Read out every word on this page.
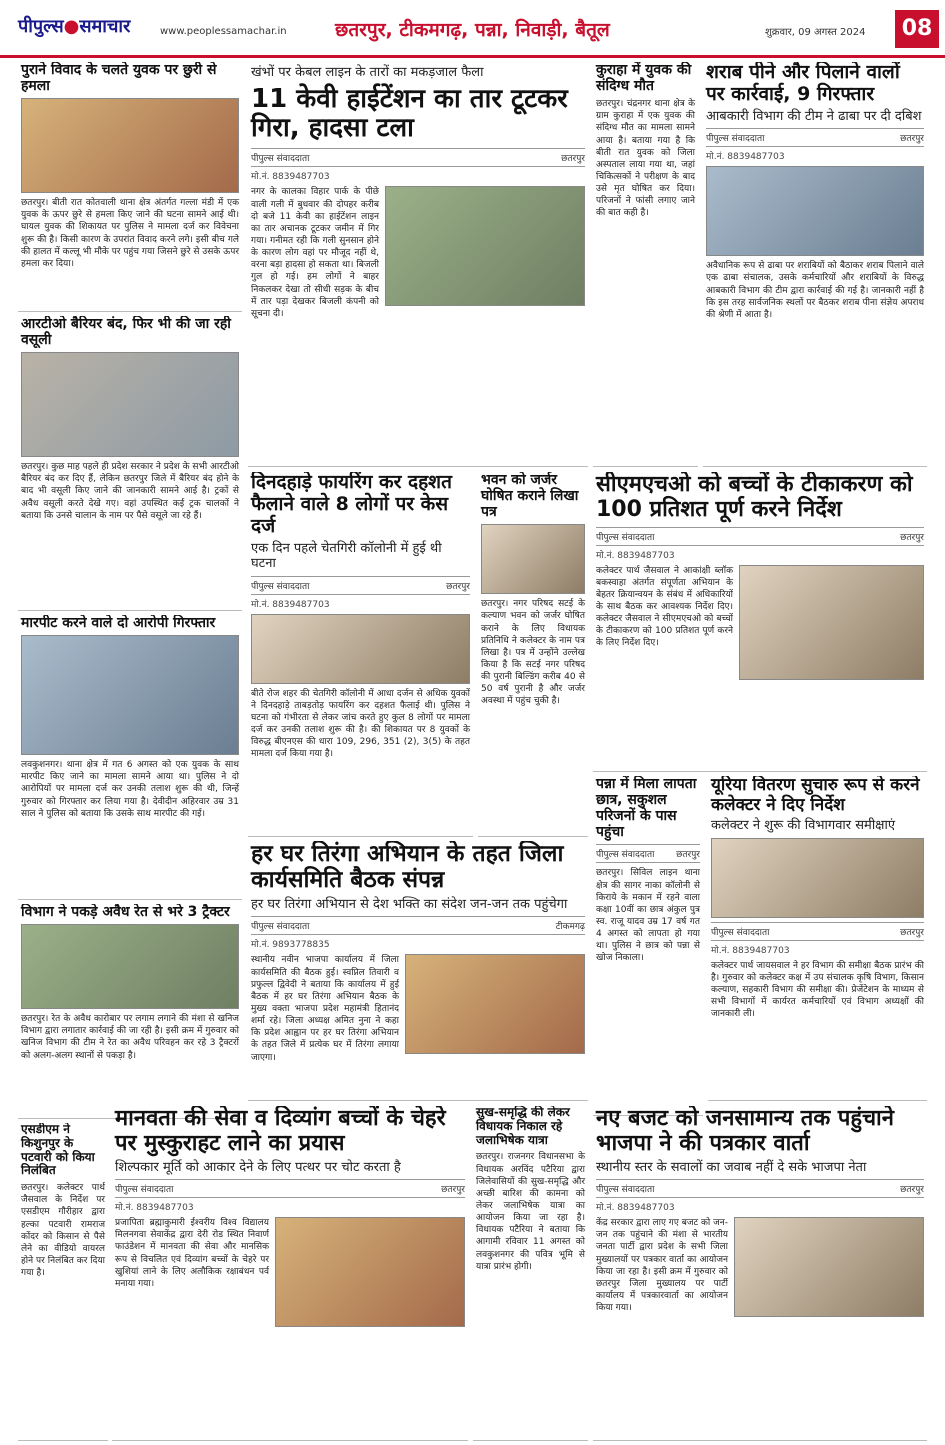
पीपुल्स●समाचार	www.peoplessamachar.in	छतरपुर, टीकमगढ़, पन्ना, निवाड़ी, बैतूल	शुक्रवार, 09 अगस्त 2024	08
पुराने विवाद के चलते युवक पर छुरी से हमला
छतरपुर। बीती रात कोतवाली थाना क्षेत्र अंतर्गत गल्ला मंडी में एक युवक के ऊपर छुरे से हमला किए जाने की घटना सामने आई थी। घायल युवक की शिकायत पर पुलिस ने मामला दर्ज कर विवेचना शुरू की है। किसी कारण के उपरांत विवाद करने लगे। इसी बीच गले की हालत में कल्लू भी मौके पर पहुंच गया जिसने छुरे से उसके ऊपर हमला कर दिया।
खंभों पर केबल लाइन के तारों का मकड़जाल फैला
11 केवी हाईटेंशन का तार टूटकर गिरा, हादसा टला
पीपुल्स संवाददाता	छतरपुर
मो.नं. 8839487703
नगर के कालका विहार पार्क के पीछे वाली गली में बुधवार की दोपहर करीब दो बजे 11 केवी का हाईटेंशन लाइन का तार अचानक टूटकर जमीन में गिर गया। गनीमत रही कि गली सुनसान होने के कारण लोग वहां पर मौजूद नहीं थे, वरना बड़ा हादसा हो सकता था। बिजली गुल हो गई। हम लोगों ने बाहर निकलकर देखा तो सीधी सड़क के बीच में तार पड़ा देखकर बिजली कंपनी को सूचना दी।
कुराहा में युवक की संदिग्ध मौत
छतरपुर। चंद्रनगर थाना क्षेत्र के ग्राम कुराहा में एक युवक की संदिग्ध मौत का मामला सामने आया है। बताया गया है कि बीती रात युवक को जिला अस्पताल लाया गया था, जहां चिकित्सकों ने परीक्षण के बाद उसे मृत घोषित कर दिया। परिजनों ने फांसी लगाए जाने की बात कही है।
शराब पीने और पिलाने वालों पर कार्रवाई, 9 गिरफ्तार
आबकारी विभाग की टीम ने ढाबा पर दी दबिश
पीपुल्स संवाददाता	छतरपुर
मो.नं. 8839487703
अवैधानिक रूप से ढाबा पर शराबियों को बैठाकर शराब पिलाने वाले एक ढाबा संचालक, उसके कर्मचारियों और शराबियों के विरुद्ध आबकारी विभाग की टीम द्वारा कार्रवाई की गई है। जानकारी नहीं है कि इस तरह सार्वजनिक स्थलों पर बैठकर शराब पीना संज्ञेय अपराध की श्रेणी में आता है।
आरटीओ बैरियर बंद, फिर भी की जा रही वसूली
छतरपुर। कुछ माह पहले ही प्रदेश सरकार ने प्रदेश के सभी आरटीओ बैरियर बंद कर दिए हैं, लेकिन छतरपुर जिले में बैरियर बंद होने के बाद भी वसूली किए जाने की जानकारी सामने आई है। ट्रकों से अवैध वसूली करते देखे गए। वहां उपस्थित कई ट्रक चालकों ने बताया कि उनसे चालान के नाम पर पैसे वसूले जा रहे हैं।
मारपीट करने वाले दो आरोपी गिरफ्तार
लवकुशनगर। थाना क्षेत्र में गत 6 अगस्त को एक युवक के साथ मारपीट किए जाने का मामला सामने आया था। पुलिस ने दो आरोपियों पर मामला दर्ज कर उनकी तलाश शुरू की थी, जिन्हें गुरुवार को गिरफ्तार कर लिया गया है। देवीदीन अहिरवार उम्र 31 साल ने पुलिस को बताया कि उसके साथ मारपीट की गई।
दिनदहाड़े फायरिंग कर दहशत फैलाने वाले 8 लोगों पर केस दर्ज
एक दिन पहले चेतगिरी कॉलोनी में हुई थी घटना
पीपुल्स संवाददाता	छतरपुर
मो.नं. 8839487703
बीते रोज शहर की चेतगिरी कॉलोनी में आधा दर्जन से अधिक युवकों ने दिनदहाड़े ताबड़तोड़ फायरिंग कर दहशत फैलाई थी। पुलिस ने घटना को गंभीरता से लेकर जांच करते हुए कुल 8 लोगों पर मामला दर्ज कर उनकी तलाश शुरू की है। की शिकायत पर 8 युवकों के विरुद्ध बीएनएस की धारा 109, 296, 351 (2), 3(5) के तहत मामला दर्ज किया गया है।
भवन को जर्जर घोषित कराने लिखा पत्र
छतरपुर। नगर परिषद सटई के कल्याण भवन को जर्जर घोषित कराने के लिए विधायक प्रतिनिधि ने कलेक्टर के नाम पत्र लिखा है। पत्र में उन्होंने उल्लेख किया है कि सटई नगर परिषद की पुरानी बिल्डिंग करीब 40 से 50 वर्ष पुरानी है और जर्जर अवस्था में पहुंच चुकी है।
सीएमएचओ को बच्चों के टीकाकरण को 100 प्रतिशत पूर्ण करने निर्देश
पीपुल्स संवाददाता	छतरपुर
मो.नं. 8839487703
कलेक्टर पार्थ जैसवाल ने आकांक्षी ब्लॉक बकस्वाहा अंतर्गत संपूर्णता अभियान के बेहतर क्रियान्वयन के संबंध में अधिकारियों के साथ बैठक कर आवश्यक निर्देश दिए। कलेक्टर जैसवाल ने सीएमएचओ को बच्चों के टीकाकरण को 100 प्रतिशत पूर्ण करने के लिए निर्देश दिए।
पन्ना में मिला लापता छात्र, सकुशल परिजनों के पास पहुंचा
पीपुल्स संवाददाता छतरपुर
छतरपुर। सिविल लाइन थाना क्षेत्र की सागर नाका कॉलोनी से किराये के मकान में रहने वाला कक्षा 10वीं का छात्र अंकुल पुत्र स्व. राजू यादव उम्र 17 वर्ष गत 4 अगस्त को लापता हो गया था। पुलिस ने छात्र को पन्ना से खोज निकाला।
हर घर तिरंगा अभियान के तहत जिला कार्यसमिति बैठक संपन्न
हर घर तिरंगा अभियान से देश भक्ति का संदेश जन-जन तक पहुंचेगा
पीपुल्स संवाददाता	टीकमगढ़
मो.नं. 9893778835
स्थानीय नवीन भाजपा कार्यालय में जिला कार्यसमिति की बैठक हुई। स्वप्निल तिवारी व प्रफुल्ल द्विवेदी ने बताया कि कार्यालय में हुई बैठक में हर घर तिरंगा अभियान बैठक के मुख्य वक्ता भाजपा प्रदेश महामंत्री हितानंद शर्मा रहे। जिला अध्यक्ष अमित नुना ने कहा कि प्रदेश आह्वान पर हर घर तिरंगा अभियान के तहत जिले में प्रत्येक घर में तिरंगा लगाया जाएगा।
यूरिया वितरण सुचारु रूप से करने कलेक्टर ने दिए निर्देश
कलेक्टर ने शुरू की विभागवार समीक्षाएं
पीपुल्स संवाददाता	छतरपुर
मो.नं. 8839487703
कलेक्टर पार्थ जायसवाल ने हर विभाग की समीक्षा बैठक प्रारंभ की है। गुरुवार को कलेक्टर कक्ष में उप संचालक कृषि विभाग, किसान कल्याण, सहकारी विभाग की समीक्षा की। प्रेजेंटेशन के माध्यम से सभी विभागों में कार्यरत कर्मचारियों एवं विभाग अध्यक्षों की जानकारी ली।
विभाग ने पकड़े अवैध रेत से भरे 3 ट्रैक्टर
छतरपुर। रेत के अवैध कारोबार पर लगाम लगाने की मंशा से खनिज विभाग द्वारा लगातार कार्रवाई की जा रही है। इसी क्रम में गुरुवार को खनिज विभाग की टीम ने रेत का अवैध परिवहन कर रहे 3 ट्रैक्टरों को अलग-अलग स्थानों से पकड़ा है।
एसडीएम ने किशुनपुर के पटवारी को किया निलंबित
छतरपुर। कलेक्टर पार्थ जैसवाल के निर्देश पर एसडीएम गौरीहार द्वारा हल्का पटवारी रामराज कोंदर को किसान से पैसे लेने का वीडियो वायरल होने पर निलंबित कर दिया गया है।
मानवता की सेवा व दिव्यांग बच्चों के चेहरे पर मुस्कुराहट लाने का प्रयास
शिल्पकार मूर्ति को आकार देने के लिए पत्थर पर चोट करता है
पीपुल्स संवाददाता	छतरपुर
मो.नं. 8839487703
प्रजापिता ब्रह्माकुमारी ईश्वरीय विश्व विद्यालय मिलनगवा सेवाकेंद्र द्वारा देरी रोड स्थित निवार्ण फाउंडेशन में मानवता की सेवा और मानसिक रूप से विचलित एवं दिव्यांग बच्चों के चेहरे पर खुशियां लाने के लिए अलौकिक रक्षाबंधन पर्व मनाया गया।
सुख-समृद्धि की लेकर विधायक निकाल रहे जलाभिषेक यात्रा
छतरपुर। राजनगर विधानसभा के विधायक अरविंद पटैरिया द्वारा जिलेवासियों की सुख-समृद्धि और अच्छी बारिश की कामना को लेकर जलाभिषेक यात्रा का आयोजन किया जा रहा है। विधायक पटैरिया ने बताया कि आगामी रविवार 11 अगस्त को लवकुशनगर की पवित्र भूमि से यात्रा प्रारंभ होगी।
नए बजट को जनसामान्य तक पहुंचाने भाजपा ने की पत्रकार वार्ता
स्थानीय स्तर के सवालों का जवाब नहीं दे सके भाजपा नेता
पीपुल्स संवाददाता	छतरपुर
मो.नं. 8839487703
केंद्र सरकार द्वारा लाए गए बजट को जन-जन तक पहुंचाने की मंशा से भारतीय जनता पार्टी द्वारा प्रदेश के सभी जिला मुख्यालयों पर पत्रकार वार्ता का आयोजन किया जा रहा है। इसी क्रम में गुरुवार को छतरपुर जिला मुख्यालय पर पार्टी कार्यालय में पत्रकारवार्ता का आयोजन किया गया।
